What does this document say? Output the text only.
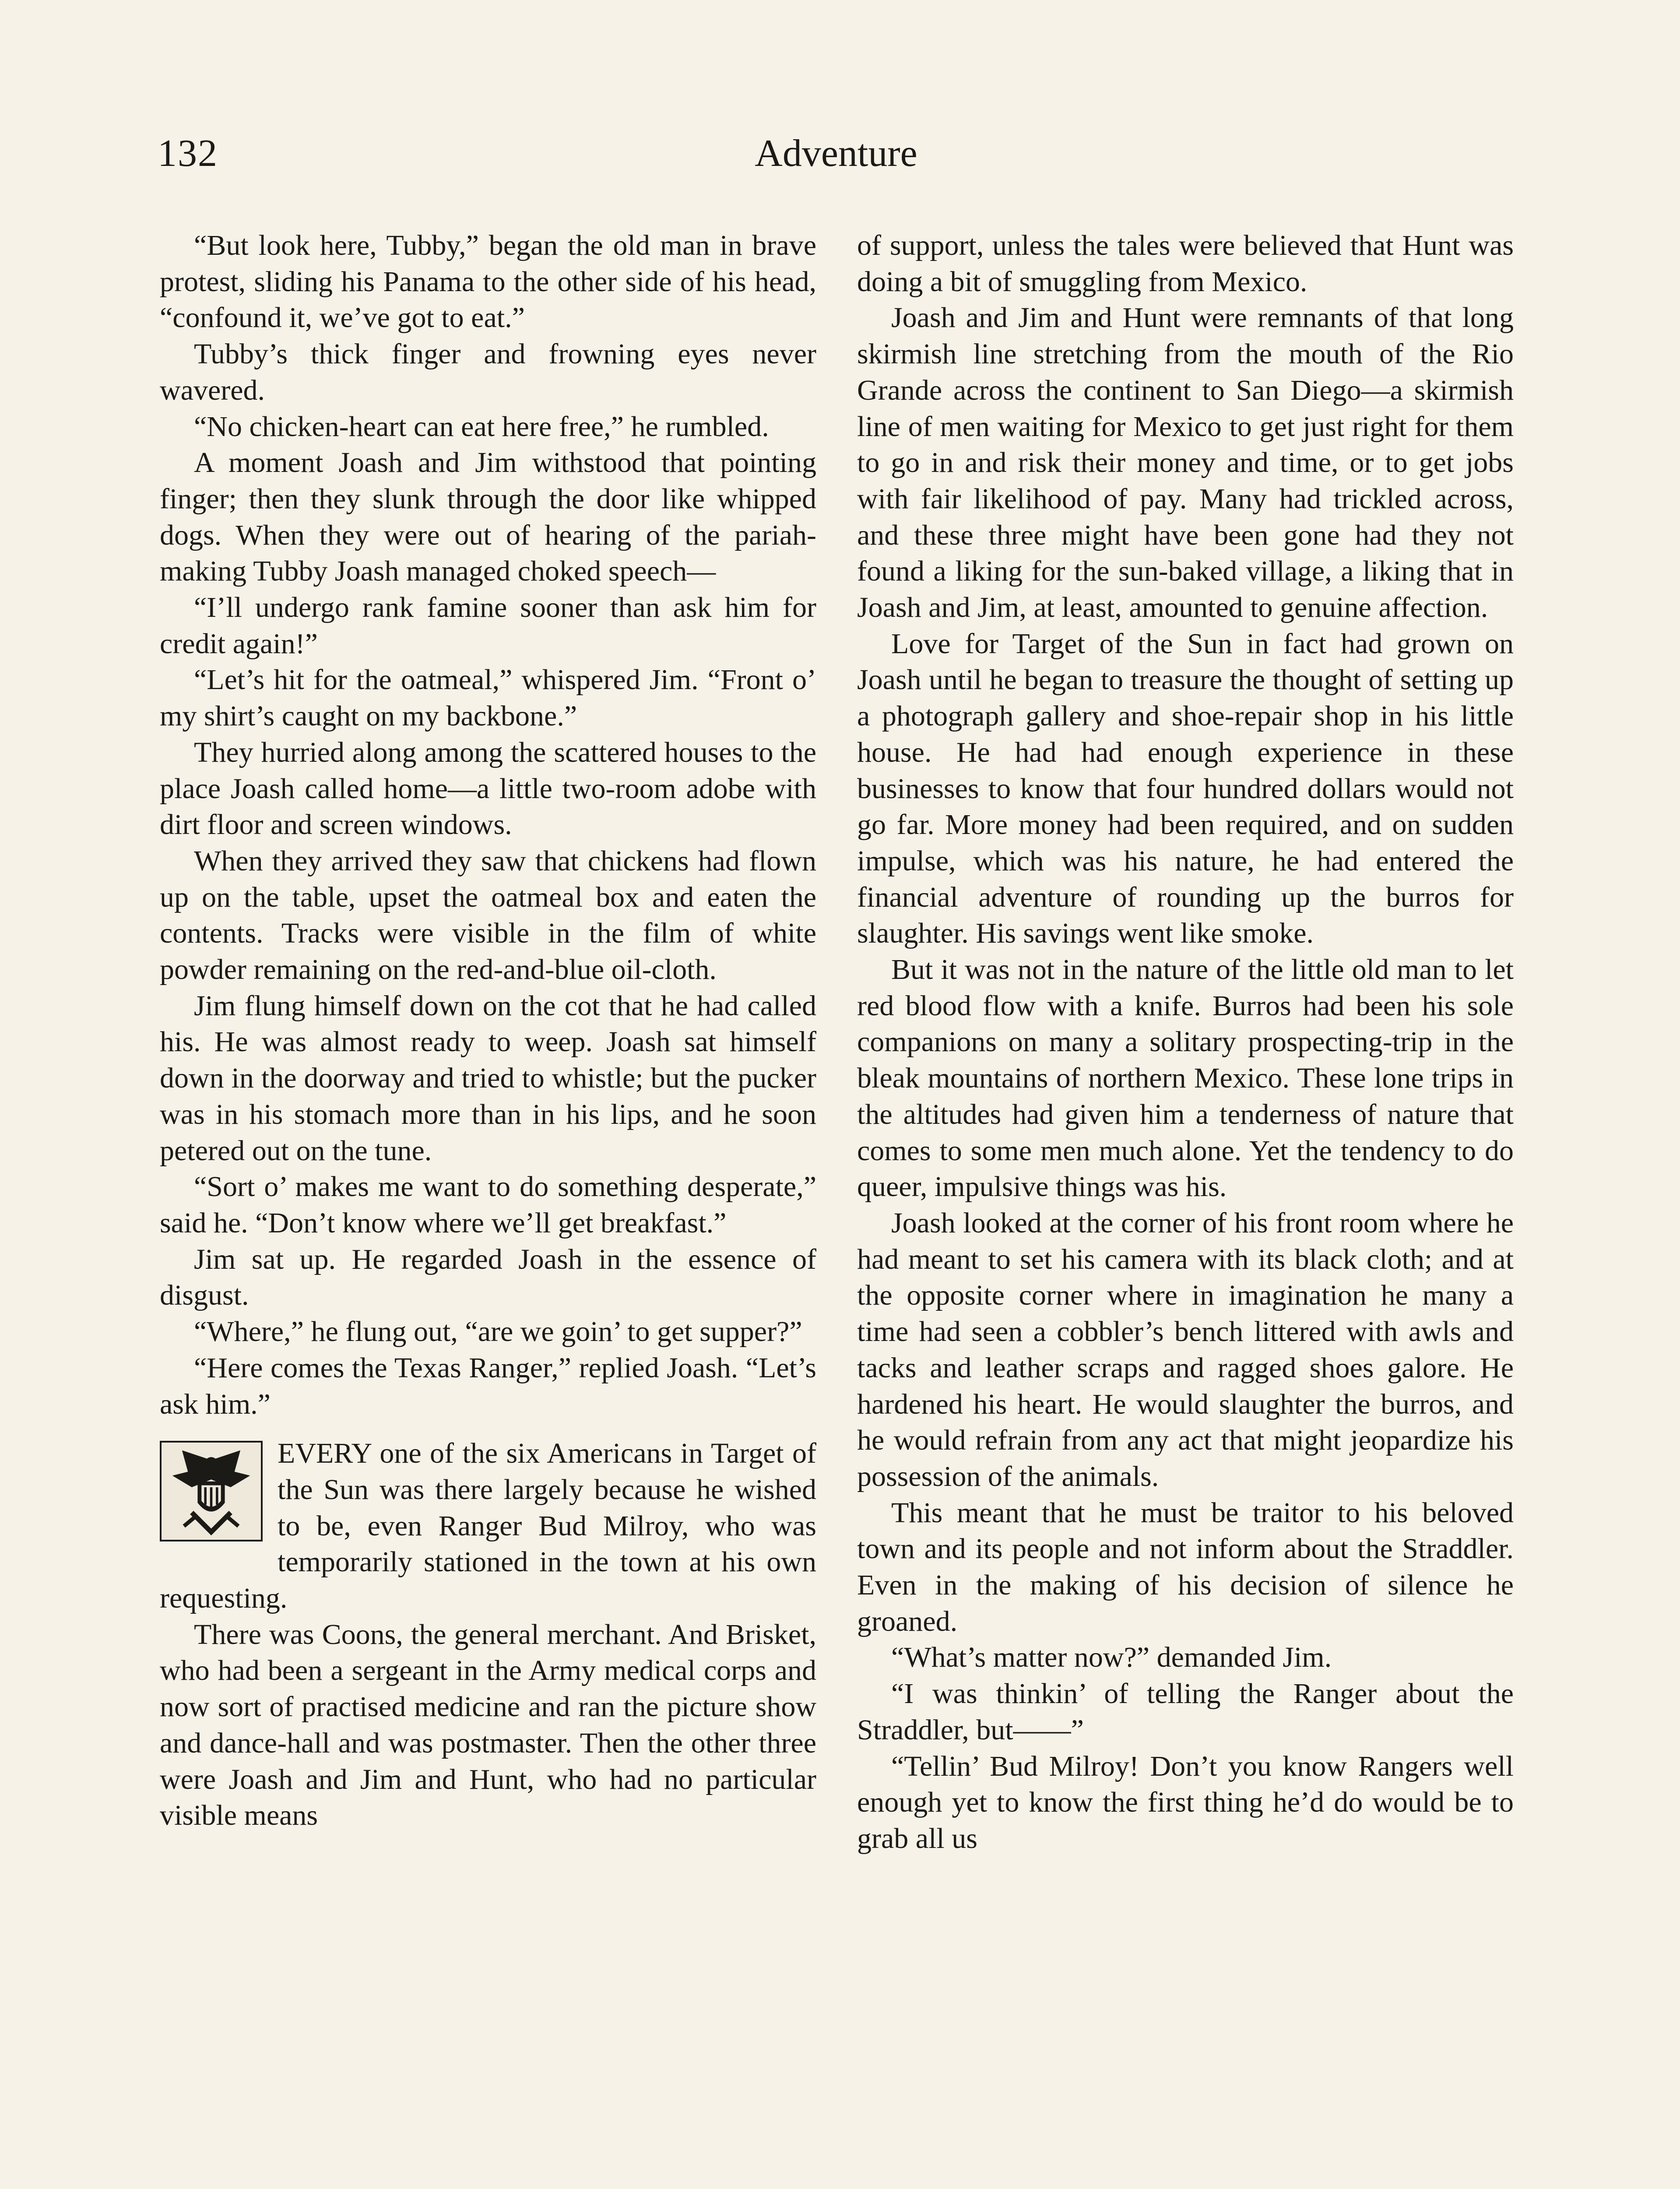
132	Adventure

“But look here, Tubby,” began the old man in brave protest, sliding his Panama to the other side of his head, “confound it, we’ve got to eat.”

Tubby’s thick finger and frowning eyes never wavered.

“No chicken-heart can eat here free,” he rumbled.

A moment Joash and Jim withstood that pointing finger; then they slunk through the door like whipped dogs. When they were out of hearing of the pariah-making Tubby Joash managed choked speech—

“I’ll undergo rank famine sooner than ask him for credit again!”

“Let’s hit for the oatmeal,” whispered Jim. “Front o’ my shirt’s caught on my backbone.”

They hurried along among the scattered houses to the place Joash called home—a little two-room adobe with dirt floor and screen windows.

When they arrived they saw that chickens had flown up on the table, upset the oatmeal box and eaten the contents. Tracks were visible in the film of white powder remaining on the red-and-blue oil-cloth.

Jim flung himself down on the cot that he had called his. He was almost ready to weep. Joash sat himself down in the doorway and tried to whistle; but the pucker was in his stomach more than in his lips, and he soon petered out on the tune.

“Sort o’ makes me want to do something desperate,” said he. “Don’t know where we’ll get breakfast.”

Jim sat up. He regarded Joash in the essence of disgust.

“Where,” he flung out, “are we goin’ to get supper?”

“Here comes the Texas Ranger,” replied Joash. “Let’s ask him.”

EVERY one of the six Americans in Target of the Sun was there largely because he wished to be, even Ranger Bud Milroy, who was temporarily stationed in the town at his own requesting.

There was Coons, the general merchant. And Brisket, who had been a sergeant in the Army medical corps and now sort of practised medicine and ran the picture show and dance-hall and was postmaster. Then the other three were Joash and Jim and Hunt, who had no particular visible means

of support, unless the tales were believed that Hunt was doing a bit of smuggling from Mexico.

Joash and Jim and Hunt were remnants of that long skirmish line stretching from the mouth of the Rio Grande across the continent to San Diego—a skirmish line of men waiting for Mexico to get just right for them to go in and risk their money and time, or to get jobs with fair likelihood of pay. Many had trickled across, and these three might have been gone had they not found a liking for the sun-baked village, a liking that in Joash and Jim, at least, amounted to genuine affection.

Love for Target of the Sun in fact had grown on Joash until he began to treasure the thought of setting up a photograph gallery and shoe-repair shop in his little house. He had had enough experience in these businesses to know that four hundred dollars would not go far. More money had been required, and on sudden impulse, which was his nature, he had entered the financial adventure of rounding up the burros for slaughter. His savings went like smoke.

But it was not in the nature of the little old man to let red blood flow with a knife. Burros had been his sole companions on many a solitary prospecting-trip in the bleak mountains of northern Mexico. These lone trips in the altitudes had given him a tenderness of nature that comes to some men much alone. Yet the tendency to do queer, impulsive things was his.

Joash looked at the corner of his front room where he had meant to set his camera with its black cloth; and at the opposite corner where in imagination he many a time had seen a cobbler’s bench littered with awls and tacks and leather scraps and ragged shoes galore. He hardened his heart. He would slaughter the burros, and he would refrain from any act that might jeopardize his possession of the animals.

This meant that he must be traitor to his beloved town and its people and not inform about the Straddler. Even in the making of his decision of silence he groaned.

“What’s matter now?” demanded Jim.

“I was thinkin’ of telling the Ranger about the Straddler, but——”

“Tellin’ Bud Milroy! Don’t you know Rangers well enough yet to know the first thing he’d do would be to grab all us
